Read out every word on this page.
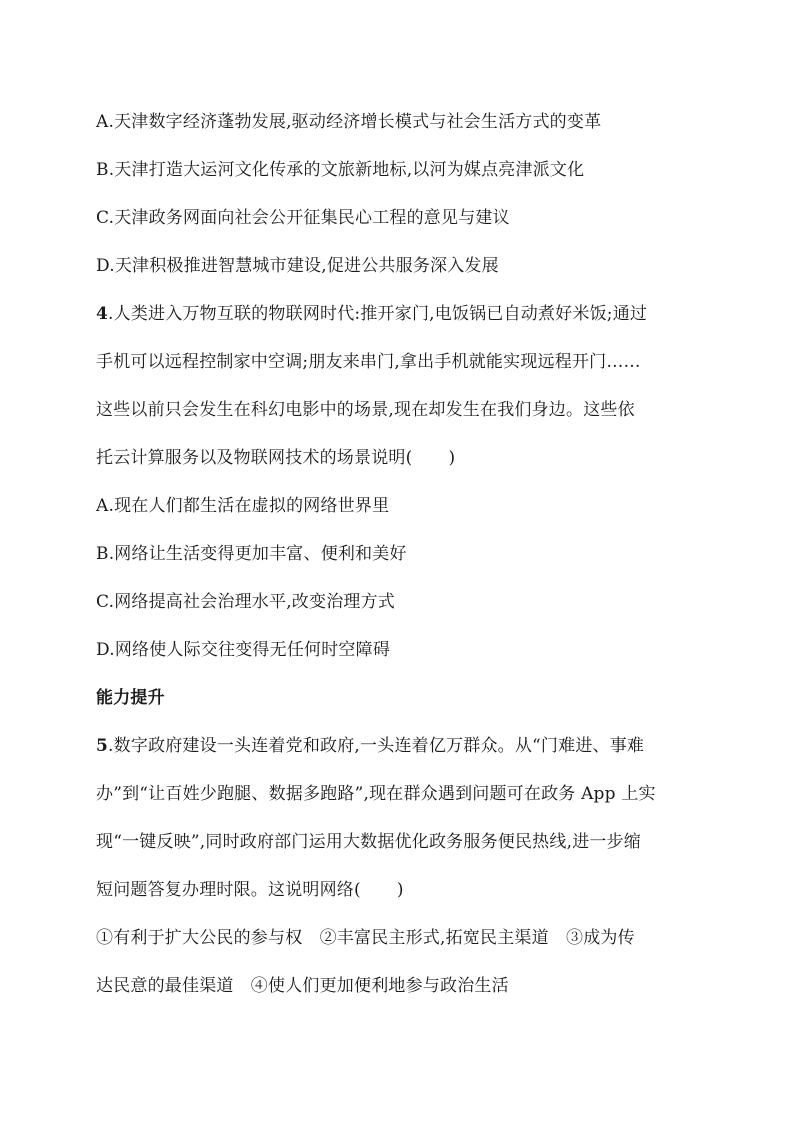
A.天津数字经济蓬勃发展,驱动经济增长模式与社会生活方式的变革
B.天津打造大运河文化传承的文旅新地标,以河为媒点亮津派文化
C.天津政务网面向社会公开征集民心工程的意见与建议
D.天津积极推进智慧城市建设,促进公共服务深入发展
4.人类进入万物互联的物联网时代:推开家门,电饭锅已自动煮好米饭;通过
手机可以远程控制家中空调;朋友来串门,拿出手机就能实现远程开门……
这些以前只会发生在科幻电影中的场景,现在却发生在我们身边。这些依
托云计算服务以及物联网技术的场景说明( )
A.现在人们都生活在虚拟的网络世界里
B.网络让生活变得更加丰富、便利和美好
C.网络提高社会治理水平,改变治理方式
D.网络使人际交往变得无任何时空障碍
能力提升
5.数字政府建设一头连着党和政府,一头连着亿万群众。从“门难进、事难
办”到“让百姓少跑腿、数据多跑路”,现在群众遇到问题可在政务 App 上实
现“一键反映”,同时政府部门运用大数据优化政务服务便民热线,进一步缩
短问题答复办理时限。这说明网络( )
①有利于扩大公民的参与权　②丰富民主形式,拓宽民主渠道　③成为传
达民意的最佳渠道　④使人们更加便利地参与政治生活
